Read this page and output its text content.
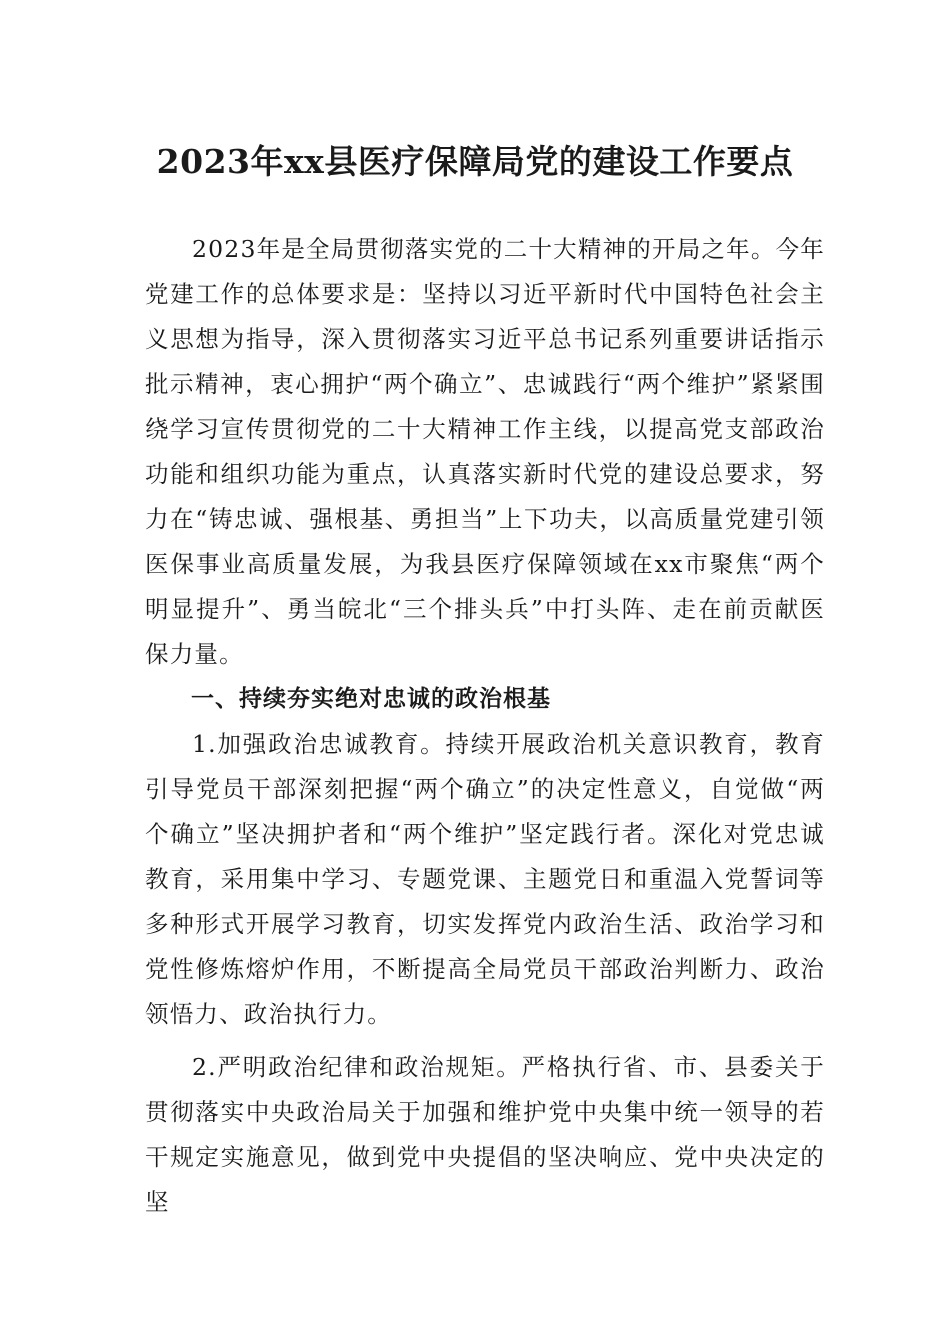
2023年xx县医疗保障局党的建设工作要点

2023年是全局贯彻落实党的二十大精神的开局之年。今年党建工作的总体要求是：坚持以习近平新时代中国特色社会主义思想为指导，深入贯彻落实习近平总书记系列重要讲话指示批示精神，衷心拥护“两个确立”、忠诚践行“两个维护”紧紧围绕学习宣传贯彻党的二十大精神工作主线，以提高党支部政治功能和组织功能为重点，认真落实新时代党的建设总要求，努力在“铸忠诚、强根基、勇担当”上下功夫，以高质量党建引领医保事业高质量发展，为我县医疗保障领域在xx市聚焦“两个明显提升”、勇当皖北“三个排头兵”中打头阵、走在前贡献医保力量。

一、持续夯实绝对忠诚的政治根基

1.加强政治忠诚教育。持续开展政治机关意识教育，教育引导党员干部深刻把握“两个确立”的决定性意义，自觉做“两个确立”坚决拥护者和“两个维护”坚定践行者。深化对党忠诚教育，采用集中学习、专题党课、主题党日和重温入党誓词等多种形式开展学习教育，切实发挥党内政治生活、政治学习和党性修炼熔炉作用，不断提高全局党员干部政治判断力、政治领悟力、政治执行力。

2.严明政治纪律和政治规矩。严格执行省、市、县委关于贯彻落实中央政治局关于加强和维护党中央集中统一领导的若干规定实施意见，做到党中央提倡的坚决响应、党中央决定的坚
